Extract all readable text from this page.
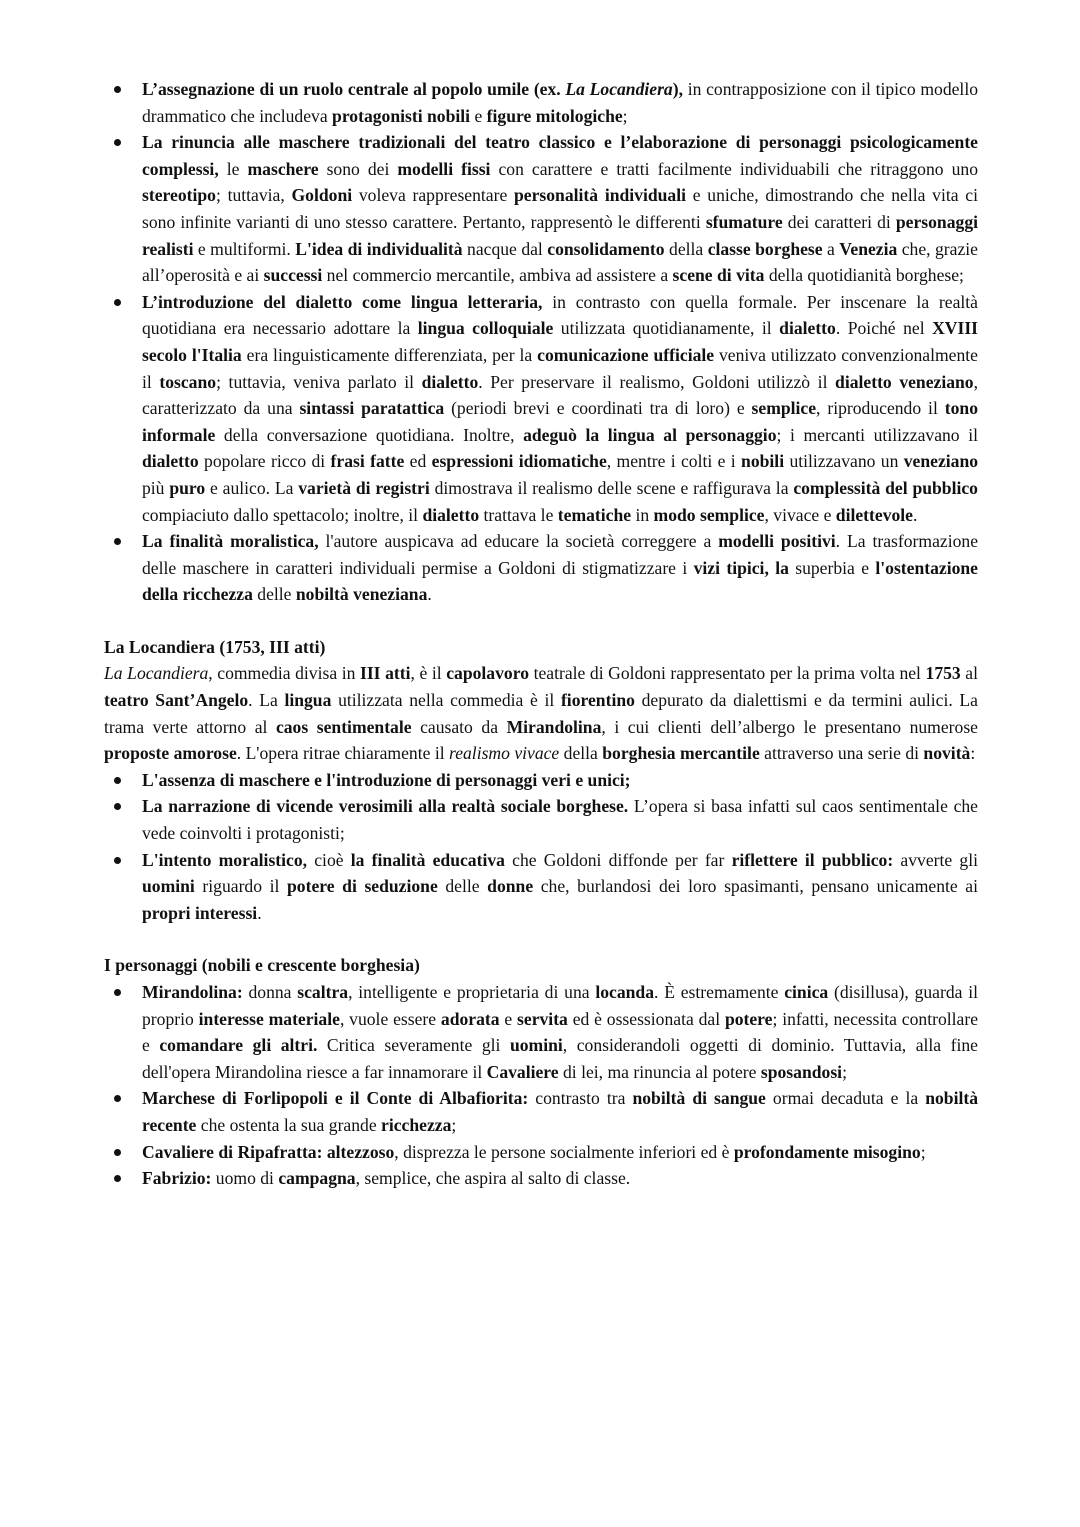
L’assegnazione di un ruolo centrale al popolo umile (ex. La Locandiera), in contrapposizione con il tipico modello drammatico che includeva protagonisti nobili e figure mitologiche;
La rinuncia alle maschere tradizionali del teatro classico e l’elaborazione di personaggi psicologicamente complessi, le maschere sono dei modelli fissi con carattere e tratti facilmente individuabili che ritraggono uno stereotipo; tuttavia, Goldoni voleva rappresentare personalità individuali e uniche, dimostrando che nella vita ci sono infinite varianti di uno stesso carattere. Pertanto, rappresentò le differenti sfumature dei caratteri di personaggi realisti e multiformi. L'idea di individualità nacque dal consolidamento della classe borghese a Venezia che, grazie all’operosità e ai successi nel commercio mercantile, ambiva ad assistere a scene di vita della quotidianità borghese;
L’introduzione del dialetto come lingua letteraria, in contrasto con quella formale. Per inscenare la realtà quotidiana era necessario adottare la lingua colloquiale utilizzata quotidianamente, il dialetto. Poiché nel XVIII secolo l'Italia era linguisticamente differenziata, per la comunicazione ufficiale veniva utilizzato convenzionalmente il toscano; tuttavia, veniva parlato il dialetto. Per preservare il realismo, Goldoni utilizzò il dialetto veneziano, caratterizzato da una sintassi paratattica (periodi brevi e coordinati tra di loro) e semplice, riproducendo il tono informale della conversazione quotidiana. Inoltre, adeguò la lingua al personaggio; i mercanti utilizzavano il dialetto popolare ricco di frasi fatte ed espressioni idiomatiche, mentre i colti e i nobili utilizzavano un veneziano più puro e aulico. La varietà di registri dimostrava il realismo delle scene e raffigurava la complessità del pubblico compiaciuto dallo spettacolo; inoltre, il dialetto trattava le tematiche in modo semplice, vivace e dilettevole.
La finalità moralistica, l'autore auspicava ad educare la società correggere a modelli positivi. La trasformazione delle maschere in caratteri individuali permise a Goldoni di stigmatizzare i vizi tipici, la superbia e l'ostentazione della ricchezza delle nobiltà veneziana.

La Locandiera (1753, III atti)

La Locandiera, commedia divisa in III atti, è il capolavoro teatrale di Goldoni rappresentato per la prima volta nel 1753 al teatro Sant’Angelo. La lingua utilizzata nella commedia è il fiorentino depurato da dialettismi e da termini aulici. La trama verte attorno al caos sentimentale causato da Mirandolina, i cui clienti dell’albergo le presentano numerose proposte amorose. L'opera ritrae chiaramente il realismo vivace della borghesia mercantile attraverso una serie di novità:

L'assenza di maschere e l'introduzione di personaggi veri e unici;
La narrazione di vicende verosimili alla realtà sociale borghese. L’opera si basa infatti sul caos sentimentale che vede coinvolti i protagonisti;
L'intento moralistico, cioè la finalità educativa che Goldoni diffonde per far riflettere il pubblico: avverte gli uomini riguardo il potere di seduzione delle donne che, burlandosi dei loro spasimanti, pensano unicamente ai propri interessi.

I personaggi (nobili e crescente borghesia)

Mirandolina: donna scaltra, intelligente e proprietaria di una locanda. È estremamente cinica (disillusa), guarda il proprio interesse materiale, vuole essere adorata e servita ed è ossessionata dal potere; infatti, necessita controllare e comandare gli altri. Critica severamente gli uomini, considerandoli oggetti di dominio. Tuttavia, alla fine dell'opera Mirandolina riesce a far innamorare il Cavaliere di lei, ma rinuncia al potere sposandosi;
Marchese di Forlipopoli e il Conte di Albafiorita: contrasto tra nobiltà di sangue ormai decaduta e la nobiltà recente che ostenta la sua grande ricchezza;
Cavaliere di Ripafratta: altezzoso, disprezza le persone socialmente inferiori ed è profondamente misogino;
Fabrizio: uomo di campagna, semplice, che aspira al salto di classe.
